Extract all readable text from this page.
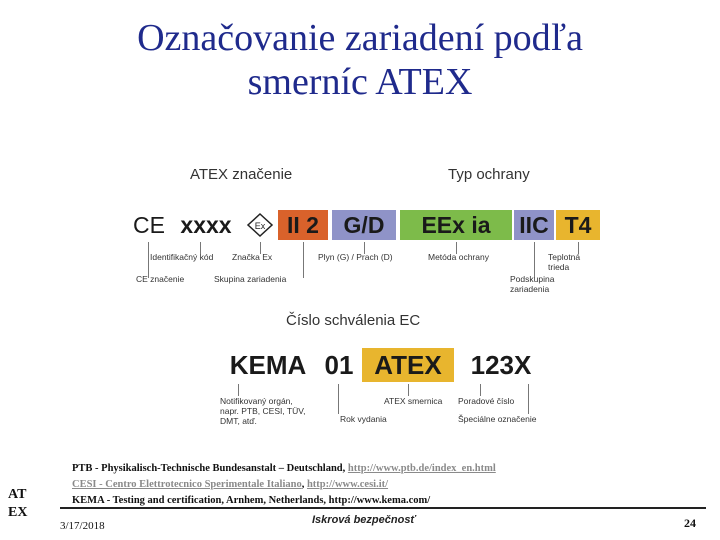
Označovanie zariadení podľa
smerníc ATEX
ATEX značenie	Typ ochrany
CE xxxx	Ex II 2	G/D	EEx ia	IIC T4
Identifikačný kód Značka Ex	Plyn (G) / Prach (D)	Metóda ochrany	Teplotná trieda
CE značenie	Skupina zariadenia	Podskupina zariadenia
Číslo schválenia EC
KEMA 01 ATEX	123X
Notifikovaný orgán,
napr. PTB, CESI, TÜV,
DMT, atď.	Rok vydania
ATEX smernica Poradové číslo
Špeciálne označenie
PTB - Physikalisch-Technische Bundesanstalt – Deutschland, http://www.ptb.de/index_en.html
CESI - Centro Elettrotecnico Sperimentale Italiano, http://www.cesi.it/
KEMA - Testing and certification, Arnhem, Netherlands, http://www.kema.com/
AT
EX
3/17/2018	Iskrová bezpečnosť	24
